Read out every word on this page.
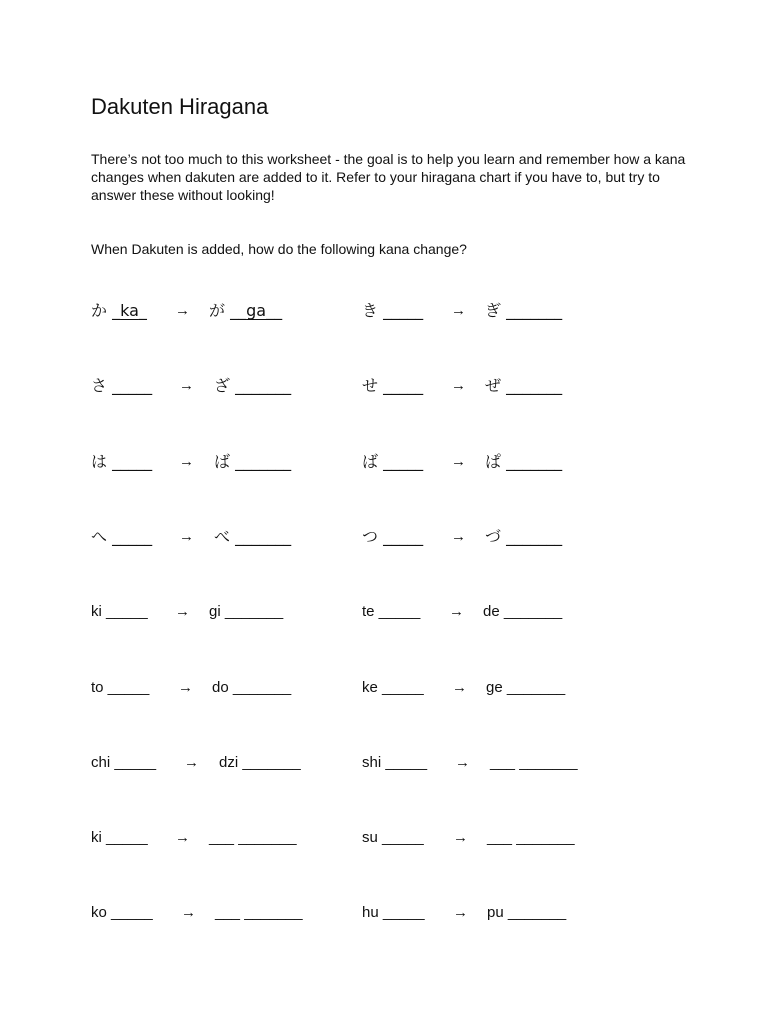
Dakuten Hiragana
There’s not too much to this worksheet - the goal is to help you learn and remember how a kana changes when dakuten are added to it. Refer to your hiragana chart if you have to, but try to answer these without looking!
When Dakuten is added, how do the following kana change?
か _ka_ → が __ga__	き _____ → ぎ _______
さ _____ → ざ _______	せ _____ → ぜ _______
は _____ → ば _______	ば _____ → ぱ _______
へ _____ → べ _______	つ _____ → づ _______
ki _____ → gi _______	te _____ → de _______
to _____ → do _______	ke _____ → ge _______
chi _____ → dzi _______	shi _____ → ___ _______
ki _____ → ___ _______	su _____ → ___ _______
ko _____ → ___ _______	hu _____ → pu _______
